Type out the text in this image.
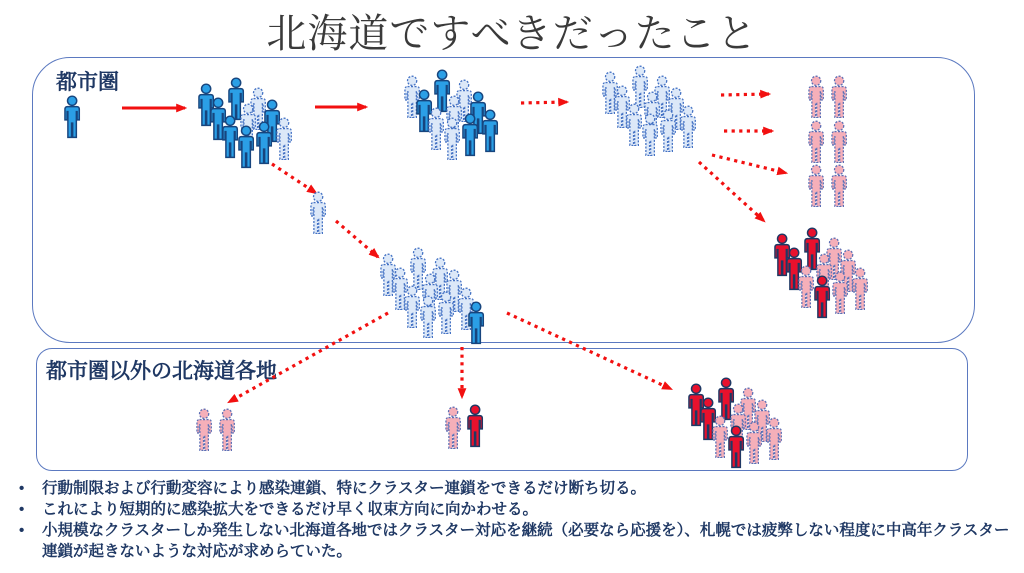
北海道ですべきだったこと
都市圏
都市圏以外の北海道各地
• 行動制限および行動変容により感染連鎖、特にクラスター連鎖をできるだけ断ち切る。
• これにより短期的に感染拡大をできるだけ早く収束方向に向かわせる。
• 小規模なクラスターしか発生しない北海道各地ではクラスター対応を継続（必要なら応援を）、札幌では疲弊しない程度に中高年クラスター連鎖が起きないような対応が求めらていた。
